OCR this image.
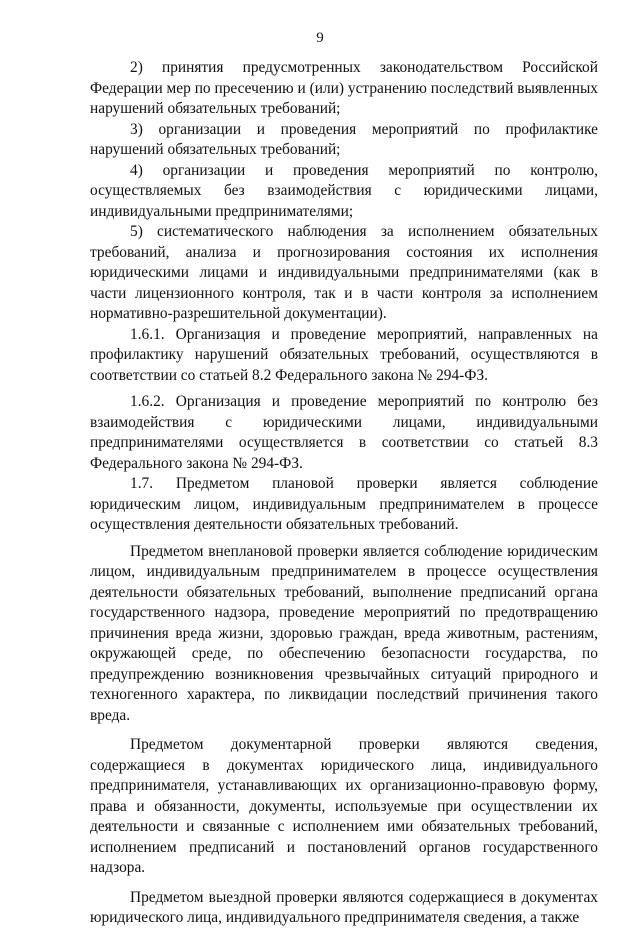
9

2) принятия предусмотренных законодательством Российской Федерации мер по пресечению и (или) устранению последствий выявленных нарушений обязательных требований;

3) организации и проведения мероприятий по профилактике нарушений обязательных требований;

4) организации и проведения мероприятий по контролю, осуществляемых без взаимодействия с юридическими лицами, индивидуальными предпринимателями;

5) систематического наблюдения за исполнением обязательных требований, анализа и прогнозирования состояния их исполнения юридическими лицами и индивидуальными предпринимателями (как в части лицензионного контроля, так и в части контроля за исполнением нормативно-разрешительной документации).

1.6.1. Организация и проведение мероприятий, направленных на профилактику нарушений обязательных требований, осуществляются в соответствии со статьей 8.2 Федерального закона № 294-ФЗ.

1.6.2. Организация и проведение мероприятий по контролю без взаимодействия с юридическими лицами, индивидуальными предпринимателями осуществляется в соответствии со статьей 8.3 Федерального закона № 294-ФЗ.

1.7. Предметом плановой проверки является соблюдение юридическим лицом, индивидуальным предпринимателем в процессе осуществления деятельности обязательных требований.

Предметом внеплановой проверки является соблюдение юридическим лицом, индивидуальным предпринимателем в процессе осуществления деятельности обязательных требований, выполнение предписаний органа государственного надзора, проведение мероприятий по предотвращению причинения вреда жизни, здоровью граждан, вреда животным, растениям, окружающей среде, по обеспечению безопасности государства, по предупреждению возникновения чрезвычайных ситуаций природного и техногенного характера, по ликвидации последствий причинения такого вреда.

Предметом документарной проверки являются сведения, содержащиеся в документах юридического лица, индивидуального предпринимателя, устанавливающих их организационно-правовую форму, права и обязанности, документы, используемые при осуществлении их деятельности и связанные с исполнением ими обязательных требований, исполнением предписаний и постановлений органов государственного надзора.

Предметом выездной проверки являются содержащиеся в документах юридического лица, индивидуального предпринимателя сведения, а также
